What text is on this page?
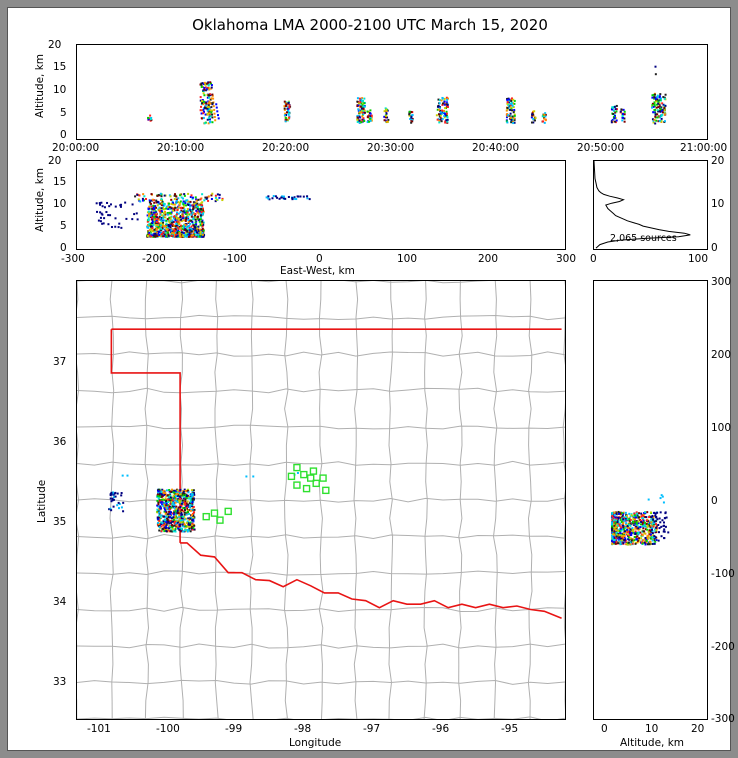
Oklahoma LMA 2000-2100 UTC March 15, 2020
20
15
10
5
0
Altitude, km
20:00:00	20:10:00	20:20:00	20:30:00	20:40:00	20:50:00	21:00:00
20
15
10
5
0
Altitude, km
-300	-200	-100	0	100	200	300
East-West, km
2,065 sources
20
10
0
0	100
37
36
35
34
33
Latitude
-101	-100	-99	-98	-97	-96	-95
Longitude
300
200
100
0
-100
-200
-300
0	10	20
Altitude, km
